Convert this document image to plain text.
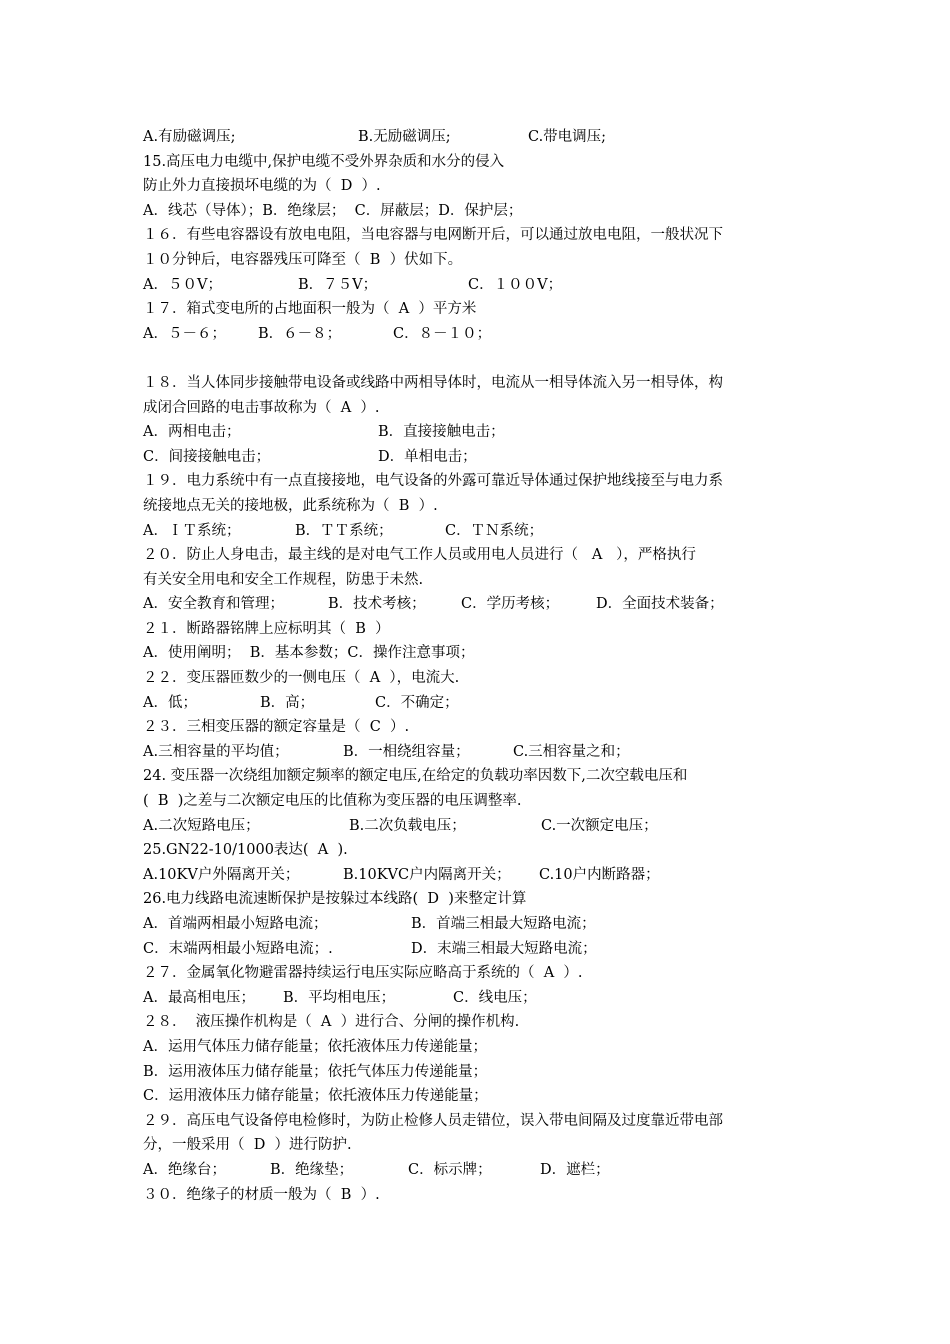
A.有励磁调压;	B.无励磁调压;	C.带电调压;
15.高压电力电缆中,保护电缆不受外界杂质和水分的侵入
防止外力直接损坏电缆的为（  D  ）.
A．线芯（导体）；B．绝缘层；  C．屏蔽层；D．保护层；
１６．有些电容器设有放电电阻，当电容器与电网断开后，可以通过放电电阻，一般状况下
１０分钟后，电容器残压可降至（  B  ）伏如下。
A．５０V；	B．７５V；	C．１００V；
１７．箱式变电所的占地面积一般为（  A  ）平方米
A．５－６；	B．６－８；	C．８－１０；
１８．当人体同步接触带电设备或线路中两相导体时，电流从一相导体流入另一相导体，构
成闭合回路的电击事故称为（  A  ）.
A．两相电击；	B．直接接触电击；
C．间接接触电击；	D．单相电击；
１９．电力系统中有一点直接接地，电气设备的外露可靠近导体通过保护地线接至与电力系
统接地点无关的接地极，此系统称为（  B  ）.
A．ＩＴ系统；	B．ＴＴ系统；	C．ＴＮ系统；
２０．防止人身电击，最主线的是对电气工作人员或用电人员进行（   A   ），严格执行
有关安全用电和安全工作规程，防患于未然.
A．安全教育和管理；	B．技术考核；	C．学历考核；	D．全面技术装备；
２１．断路器铭牌上应标明其（  B  ）
A．使用阐明；  B．基本参数；C．操作注意事项；
２２．变压器匝数少的一侧电压（  A  ），电流大.
A．低；	B．高；	C．不确定；
２３．三相变压器的额定容量是（  C  ）.
A.三相容量的平均值；	B．一相绕组容量；	C.三相容量之和；
24. 变压器一次绕组加额定频率的额定电压,在给定的负载功率因数下,二次空载电压和
(  B  )之差与二次额定电压的比值称为变压器的电压调整率.
A.二次短路电压；	B.二次负载电压；	C.一次额定电压；
25.GN22-10/1000表达(  A  ).
A.10KV户外隔离开关；	B.10KVC户内隔离开关；	C.10户内断路器；
26.电力线路电流速断保护是按躲过本线路(  D  )来整定计算
A．首端两相最小短路电流；	B．首端三相最大短路电流；
C．末端两相最小短路电流；.	D．末端三相最大短路电流；
２７．金属氧化物避雷器持续运行电压实际应略高于系统的（  A  ）.
A．最高相电压；	B．平均相电压；	C．线电压；
２８．  液压操作机构是（  A  ）进行合、分闸的操作机构.
A．运用气体压力储存能量；依托液体压力传递能量；
B．运用液体压力储存能量；依托气体压力传递能量；
C．运用液体压力储存能量；依托液体压力传递能量；
２９．高压电气设备停电检修时，为防止检修人员走错位，误入带电间隔及过度靠近带电部
分，一般采用（  D  ）进行防护.
A．绝缘台；	B．绝缘垫；	C．标示牌；	D．遮栏；
３０．绝缘子的材质一般为（  B  ）.
